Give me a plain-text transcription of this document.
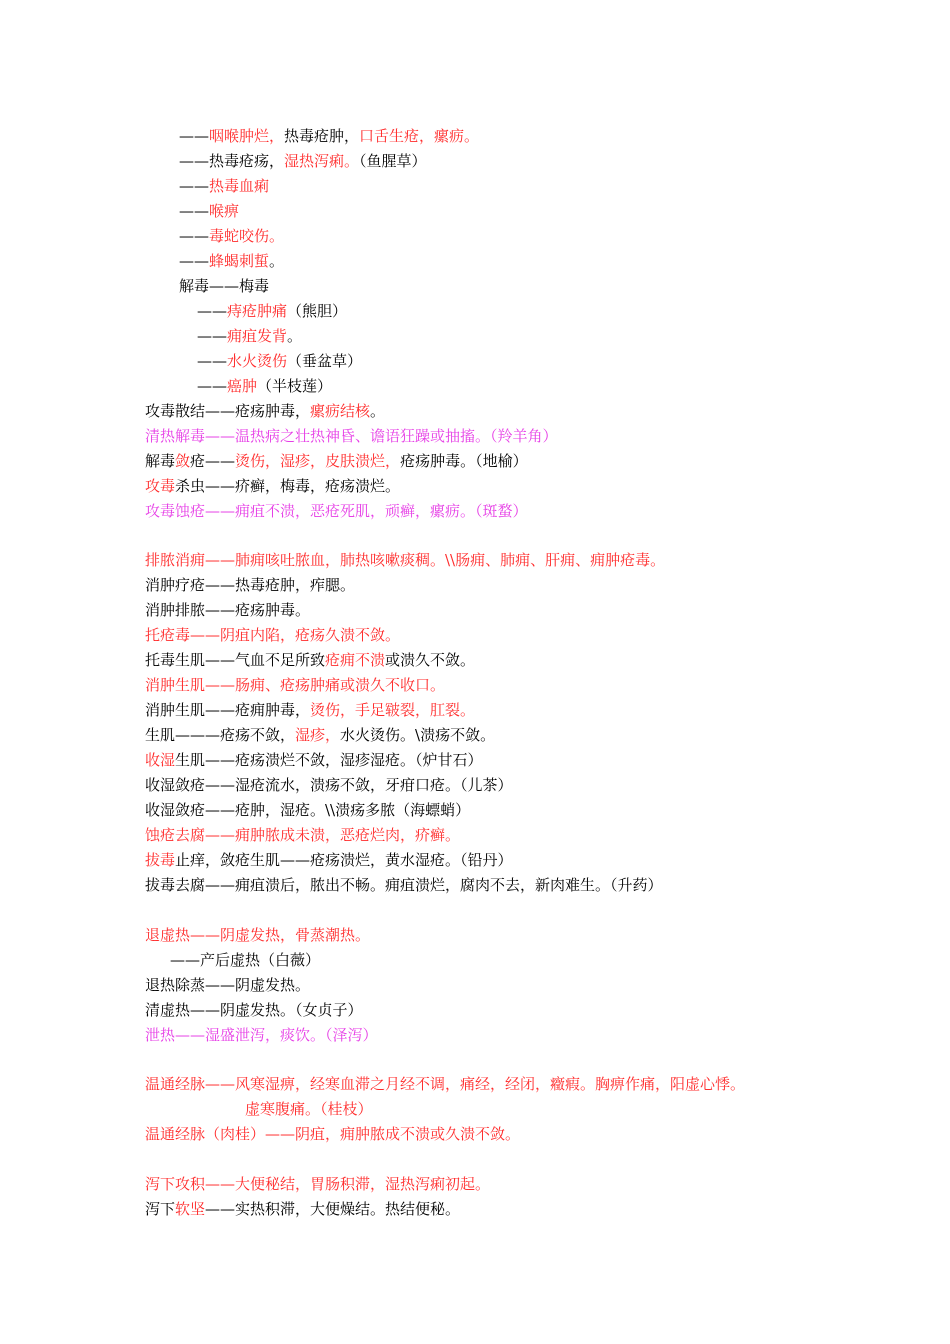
——咽喉肿烂，热毒疮肿，口舌生疮，瘰疬。
——热毒疮疡，湿热泻痢。（鱼腥草）
——热毒血痢
——喉痹
——毒蛇咬伤。
——蜂蝎刺蜇。
解毒——梅毒
——痔疮肿痛（熊胆）
——痈疽发背。
——水火烫伤（垂盆草）
——癌肿（半枝莲）
攻毒散结——疮疡肿毒，瘰疬结核。
清热解毒——温热病之壮热神昏、谵语狂躁或抽搐。（羚羊角）
解毒敛疮——烫伤，湿疹，皮肤溃烂，疮疡肿毒。（地榆）
攻毒杀虫——疥癣，梅毒，疮疡溃烂。
攻毒蚀疮——痈疽不溃，恶疮死肌，顽癣，瘰疬。（斑蝥）
排脓消痈——肺痈咳吐脓血，肺热咳嗽痰稠。\\肠痈、肺痈、肝痈、痈肿疮毒。
消肿疗疮——热毒疮肿，痄腮。
消肿排脓——疮疡肿毒。
托疮毒——阴疽内陷，疮疡久溃不敛。
托毒生肌——气血不足所致疮痈不溃或溃久不敛。
消肿生肌——肠痈、疮疡肿痛或溃久不收口。
消肿生肌——疮痈肿毒，烫伤，手足皲裂，肛裂。
生肌———疮疡不敛，湿疹，水火烫伤。\溃疡不敛。
收湿生肌——疮疡溃烂不敛，湿疹湿疮。（炉甘石）
收湿敛疮——湿疮流水，溃疡不敛，牙疳口疮。（儿茶）
收湿敛疮——疮肿，湿疮。\\溃疡多脓（海螵蛸）
蚀疮去腐——痈肿脓成未溃，恶疮烂肉，疥癣。
拔毒止痒，敛疮生肌——疮疡溃烂，黄水湿疮。（铅丹）
拔毒去腐——痈疽溃后，脓出不畅。痈疽溃烂，腐肉不去，新肉难生。（升药）
退虚热——阴虚发热，骨蒸潮热。
——产后虚热（白薇）
退热除蒸——阴虚发热。
清虚热——阴虚发热。（女贞子）
泄热——湿盛泄泻，痰饮。（泽泻）
温通经脉——风寒湿痹，经寒血滞之月经不调，痛经，经闭，癥瘕。胸痹作痛，阳虚心悸。
虚寒腹痛。（桂枝）
温通经脉（肉桂）——阴疽，痈肿脓成不溃或久溃不敛。
泻下攻积——大便秘结，胃肠积滞，湿热泻痢初起。
泻下软坚——实热积滞，大便燥结。热结便秘。
